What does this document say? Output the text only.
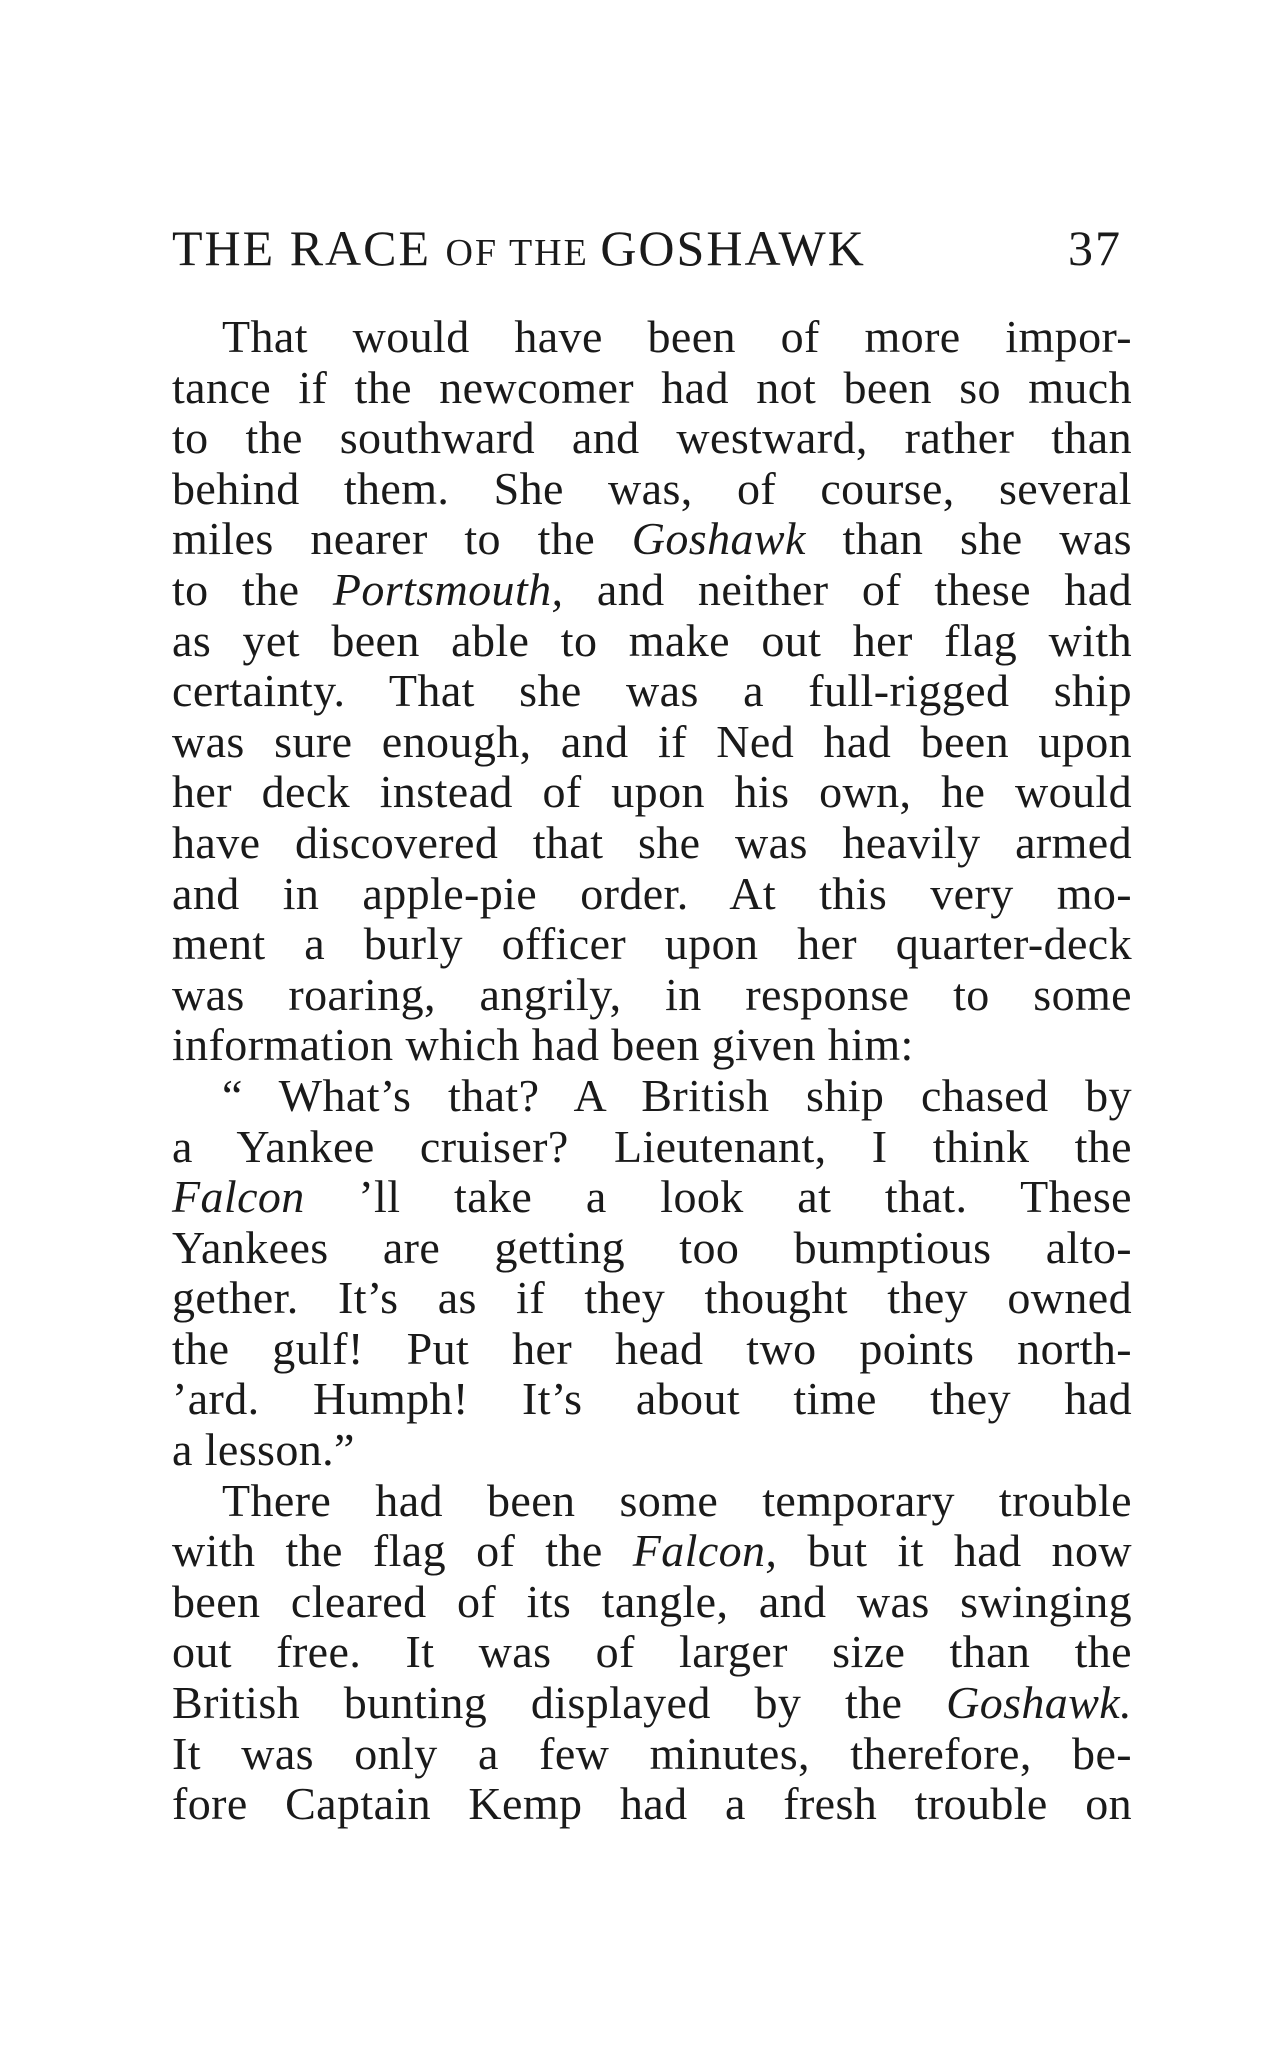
THE RACE OF THE GOSHAWK	37
That would have been of more impor-
tance if the newcomer had not been so much
to the southward and westward, rather than
behind them. She was, of course, several
miles nearer to the Goshawk than she was
to the Portsmouth, and neither of these had
as yet been able to make out her flag with
certainty. That she was a full-rigged ship
was sure enough, and if Ned had been upon
her deck instead of upon his own, he would
have discovered that she was heavily armed
and in apple-pie order. At this very mo-
ment a burly officer upon her quarter-deck
was roaring, angrily, in response to some
information which had been given him:
“ What’s that? A British ship chased by
a Yankee cruiser? Lieutenant, I think the
Falcon ’ll take a look at that. These
Yankees are getting too bumptious alto-
gether. It’s as if they thought they owned
the gulf! Put her head two points north-
’ard. Humph! It’s about time they had
a lesson.”
There had been some temporary trouble
with the flag of the Falcon, but it had now
been cleared of its tangle, and was swinging
out free. It was of larger size than the
British bunting displayed by the Goshawk.
It was only a few minutes, therefore, be-
fore Captain Kemp had a fresh trouble on
